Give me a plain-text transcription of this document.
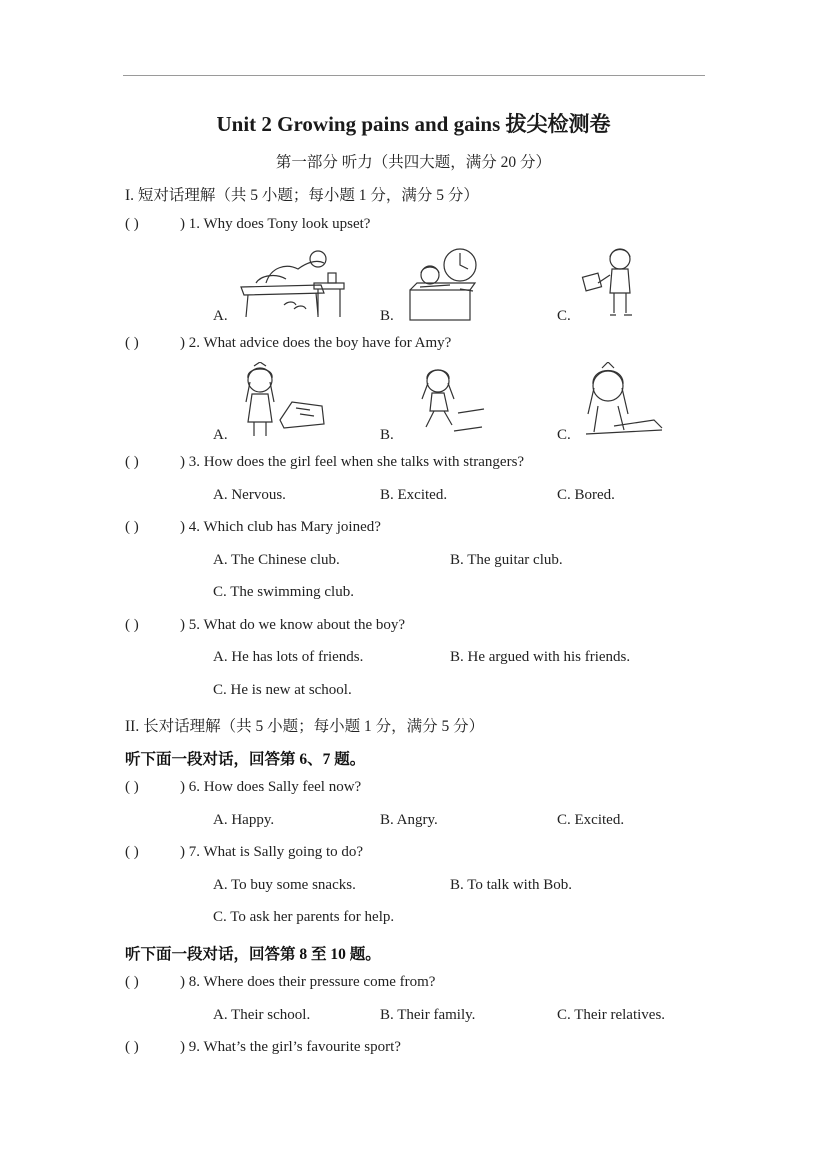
Unit 2 Growing pains and gains 拔尖检测卷
第一部分 听力（共四大题，满分 20 分）
I. 短对话理解（共 5 小题；每小题 1 分，满分 5 分）
( )	) 1. Why does Tony look upset?
A.	B.	C.
( )	) 2. What advice does the boy have for Amy?
A.	B.	C.
( )	) 3. How does the girl feel when she talks with strangers?
A. Nervous.	B. Excited.	C. Bored.
( )	) 4. Which club has Mary joined?
A. The Chinese club.	B. The guitar club.
C. The swimming club.
( )	) 5. What do we know about the boy?
A. He has lots of friends.	B. He argued with his friends.
C. He is new at school.
II. 长对话理解（共 5 小题；每小题 1 分，满分 5 分）
听下面一段对话，回答第 6、7 题。
( )	) 6. How does Sally feel now?
A. Happy.	B. Angry.	C. Excited.
( )	) 7. What is Sally going to do?
A. To buy some snacks.	B. To talk with Bob.
C. To ask her parents for help.
听下面一段对话，回答第 8 至 10 题。
( )	) 8. Where does their pressure come from?
A. Their school.	B. Their family.	C. Their relatives.
( )	) 9. What’s the girl’s favourite sport?
